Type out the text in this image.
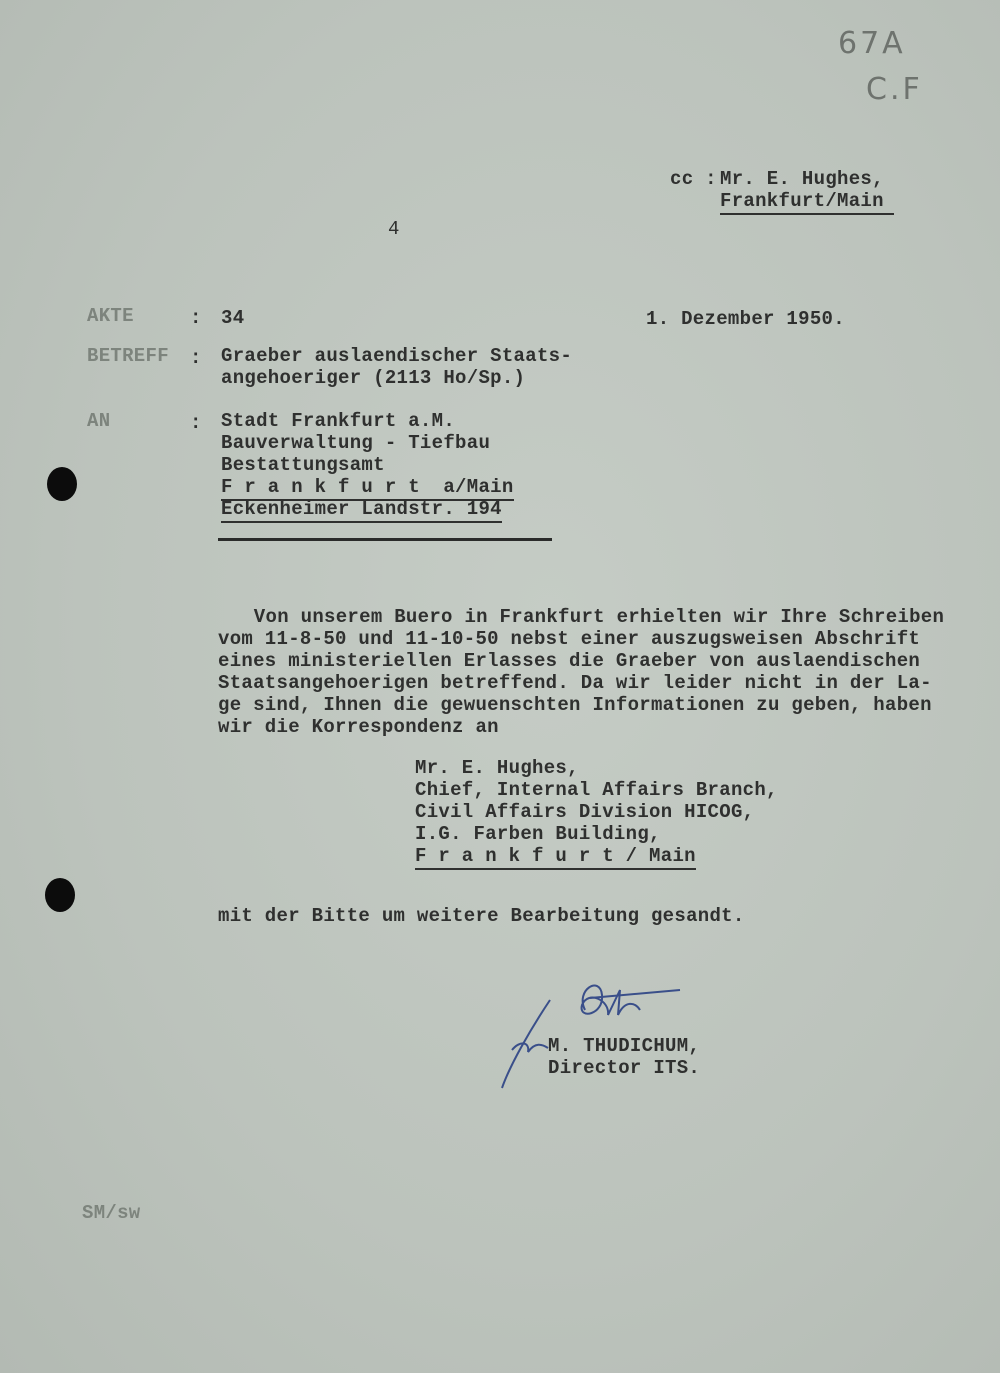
67A
C.F
cc : Mr. E. Hughes,
Frankfurt/Main
4
AKTE	: 34	1. Dezember 1950.
BETREFF : Graeber auslaendischer Staats-
angehoeriger (2113 Ho/Sp.)
AN	: Stadt Frankfurt a.M.
Bauverwaltung - Tiefbau
Bestattungsamt
F r a n k f u r t  a/Main
Eckenheimer Landstr. 194
Von unserem Buero in Frankfurt erhielten wir Ihre Schreiben
vom 11-8-50 und 11-10-50 nebst einer auszugsweisen Abschrift
eines ministeriellen Erlasses die Graeber von auslaendischen
Staatsangehoerigen betreffend. Da wir leider nicht in der La-
ge sind, Ihnen die gewuenschten Informationen zu geben, haben
wir die Korrespondenz an
Mr. E. Hughes,
Chief, Internal Affairs Branch,
Civil Affairs Division HICOG,
I.G. Farben Building,
F r a n k f u r t / Main
mit der Bitte um weitere Bearbeitung gesandt.
M. THUDICHUM,
Director ITS.
SM/sw
